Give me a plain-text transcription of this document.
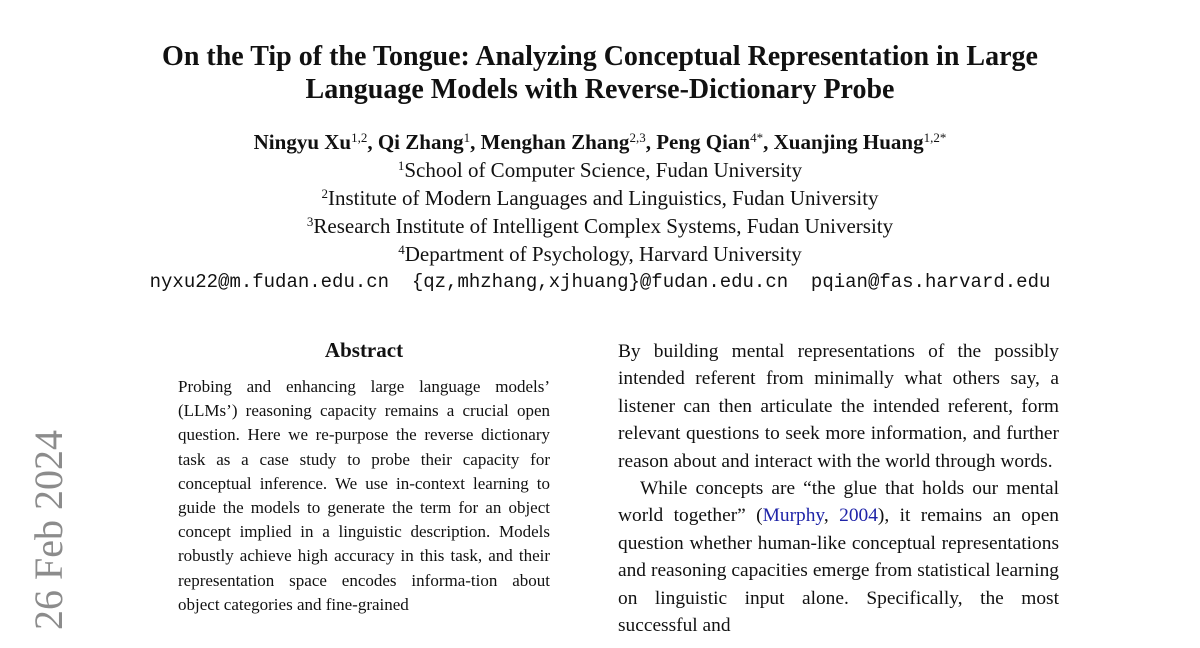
26 Feb 2024
On the Tip of the Tongue: Analyzing Conceptual Representation in Large
Language Models with Reverse-Dictionary Probe
Ningyu Xu$^{1,2}$, Qi Zhang$^1$, Menghan Zhang$^{2,3}$, Peng Qian$^{4*}$, Xuanjing Huang$^{1,2*}$
$^1$School of Computer Science, Fudan University
$^2$Institute of Modern Languages and Linguistics, Fudan University
$^3$Research Institute of Intelligent Complex Systems, Fudan University
$^4$Department of Psychology, Harvard University
nyxu22@m.fudan.edu.cn  {qz,mhzhang,xjhuang}@fudan.edu.cn  pqian@fas.harvard.edu
Abstract

Probing and enhancing large language models’ (LLMs’) reasoning capacity remains a crucial open question. Here we re-purpose the reverse dictionary task as a case study to probe their capacity for conceptual inference. We use in-context learning to guide the models to generate the term for an object concept implied in a linguistic description. Models robustly achieve high accuracy in this task, and their representation space encodes informa-tion about object categories and fine-grained

By building mental representations of the possibly intended referent from minimally what others say, a listener can then articulate the intended referent, form relevant questions to seek more information, and further reason about and interact with the world through words.

While concepts are “the glue that holds our mental world together” (Murphy, 2004), it remains an open question whether human-like conceptual representations and reasoning capacities emerge from statistical learning on linguistic input alone. Specifically, the most successful and
